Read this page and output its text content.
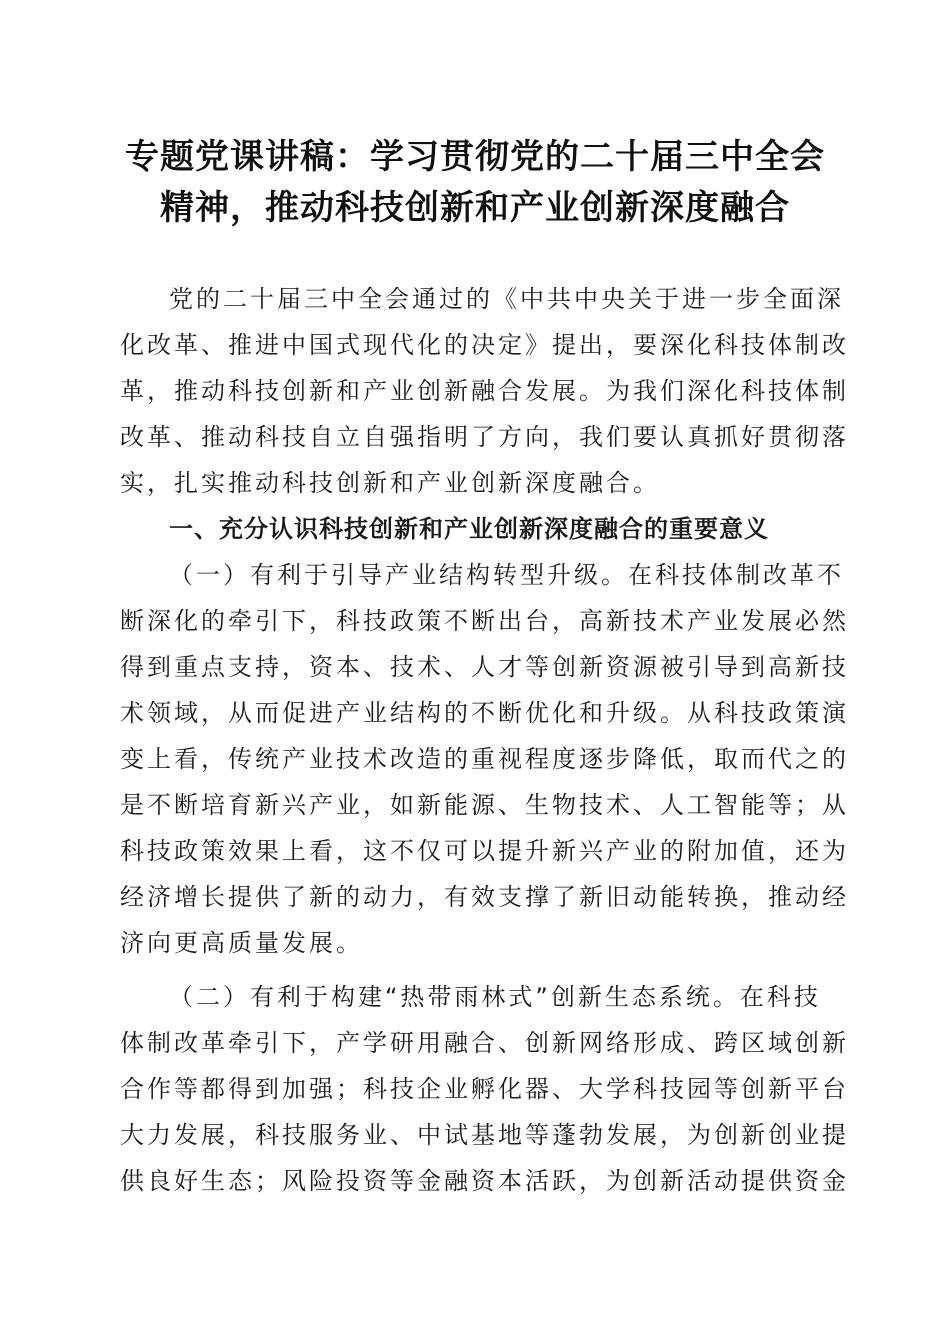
专题党课讲稿：学习贯彻党的二十届三中全会
精神，推动科技创新和产业创新深度融合
党的二十届三中全会通过的《中共中央关于进一步全面深
化改革、推进中国式现代化的决定》提出，要深化科技体制改
革，推动科技创新和产业创新融合发展。为我们深化科技体制
改革、推动科技自立自强指明了方向，我们要认真抓好贯彻落
实，扎实推动科技创新和产业创新深度融合。
一、充分认识科技创新和产业创新深度融合的重要意义
（一）有利于引导产业结构转型升级。在科技体制改革不
断深化的牵引下，科技政策不断出台，高新技术产业发展必然
得到重点支持，资本、技术、人才等创新资源被引导到高新技
术领域，从而促进产业结构的不断优化和升级。从科技政策演
变上看，传统产业技术改造的重视程度逐步降低，取而代之的
是不断培育新兴产业，如新能源、生物技术、人工智能等；从
科技政策效果上看，这不仅可以提升新兴产业的附加值，还为
经济增长提供了新的动力，有效支撑了新旧动能转换，推动经
济向更高质量发展。
（二）有利于构建“热带雨林式”创新生态系统。在科技
体制改革牵引下，产学研用融合、创新网络形成、跨区域创新
合作等都得到加强；科技企业孵化器、大学科技园等创新平台
大力发展，科技服务业、中试基地等蓬勃发展，为创新创业提
供良好生态；风险投资等金融资本活跃，为创新活动提供资金
